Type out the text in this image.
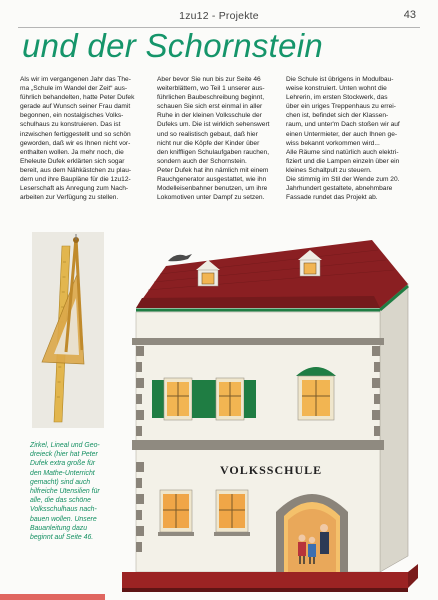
1zu12 - Projekte	43
und der Schornstein

Als wir im vergangenen Jahr das The-
ma „Schule im Wandel der Zeit“ aus-
führlich behandelten, hatte Peter Dufek
gerade auf Wunsch seiner Frau damit
begonnen, ein nostalgisches Volks-
schulhaus zu konstruieren. Das ist
inzwischen fertiggestellt und so schön
geworden, daß wir es Ihnen nicht vor-
enthalten wollen. Ja mehr noch, die
Eheleute Dufek erklärten sich sogar
bereit, aus dem Nähkästchen zu plau-
dern und ihre Baupläne für die 1zu12-
Leserschaft als Anregung zum Nach-
arbeiten zur Verfügung zu stellen.

Aber bevor Sie nun bis zur Seite 46
weiterblättern, wo Teil 1 unserer aus-
führlichen Baubeschreibung beginnt,
schauen Sie sich erst einmal in aller
Ruhe in der kleinen Volksschule der
Dufeks um. Die ist wirklich sehenswert
und so realistisch gebaut, daß hier
nicht nur die Köpfe der Kinder über
den kniffligen Schulaufgaben rauchen,
sondern auch der Schornstein.
Peter Dufek hat ihn nämlich mit einem
Rauchgenerator ausgestattet, wie ihn
Modelleisenbahner benutzen, um ihre
Lokomotiven unter Dampf zu setzen.

Die Schule ist übrigens in Modulbau-
weise konstruiert. Unten wohnt die
Lehrerin, im ersten Stockwerk, das
über ein uriges Treppenhaus zu errei-
chen ist, befindet sich der Klassen-
raum, und unter'm Dach stoßen wir auf
einen Untermieter, der auch Ihnen ge-
wiss bekannt vorkommen wird...
Alle Räume sind natürlich auch elektri-
fiziert und die Lampen einzeln über ein
kleines Schaltpult zu steuern.
Die stimmig im Stil der Wende zum 20.
Jahrhundert gestaltete, abnehmbare
Fassade rundet das Projekt ab.

Zirkel, Lineal und Geo-
dreieck (hier hat Peter
Dufek extra große für
den Mathe-Unterricht
gemacht) sind auch
hilfreiche Utensilien für
alle, die das schöne
Volksschulhaus nach-
bauen wollen. Unsere
Bauanleitung dazu
beginnt auf Seite 46.
VOLKSSCHULE
